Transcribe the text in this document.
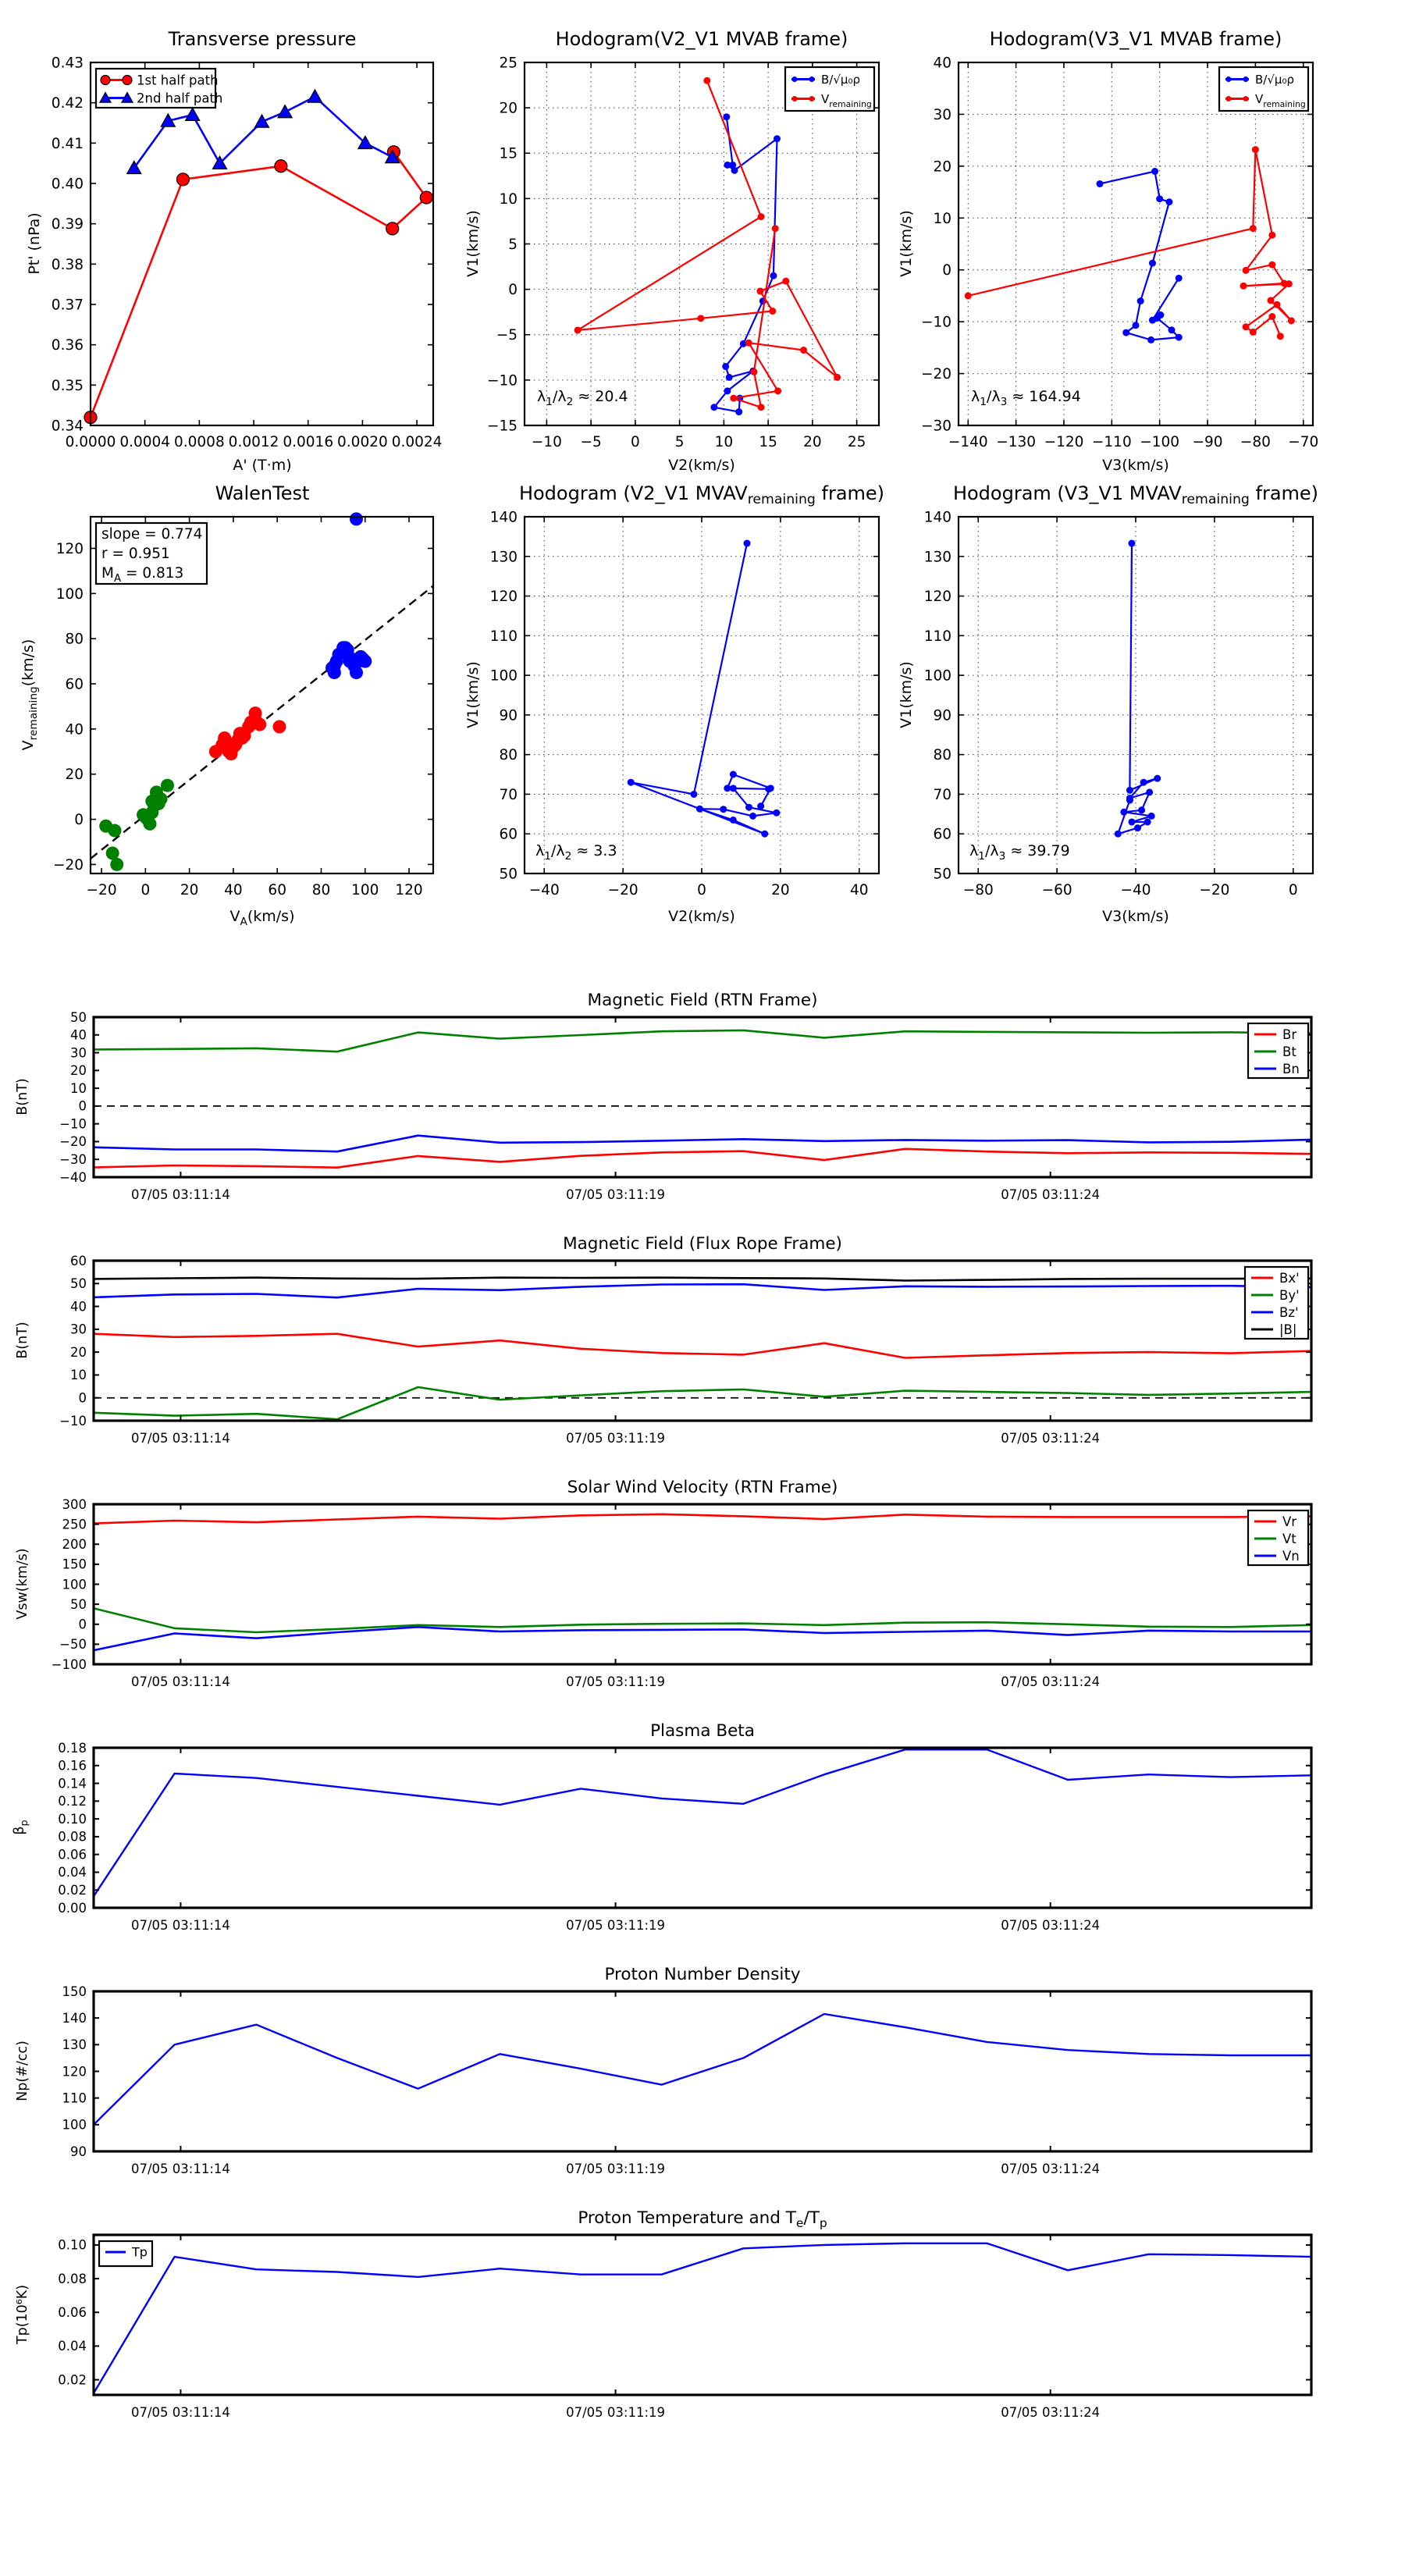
0.0000 0.0004 0.0008 0.0012 0.0016 0.0020 0.0024
0.34
0.35
0.36
0.37
0.38
0.39
0.40
0.41
0.42
0.43
Transverse pressure
A' (T·m)
Pt' (nPa)
1st half path
2nd half path
−10 −5 0 5 10 15 20 25
−15
−10
−5
0
5
10
15
20
25
Hodogram(V2_V1 MVAB frame)
V2(km/s)
V1(km/s)
B/√μ₀ρ
$V_{remaining}$
$\lambda_1/\lambda_2 \approx 20.4$
−140 −130 −120 −110 −100 −90 −80 −70
−30
−20
−10
0
10
20
30
40
Hodogram(V3_V1 MVAB frame)
V3(km/s)
V1(km/s)
B/√μ₀ρ
$V_{remaining}$
$\lambda_1/\lambda_3 \approx 164.94$
−20 0 20 40 60 80 100 120
−20
0
20
40
60
80
100
120
WalenTest
$V_A(km/s)$
$V_{remaining}(km/s)$
slope = 0.774
r = 0.951
$M_A = 0.813$
−40	−20	0	20	40
50
60
70
80
90
100
110
120
130
140
Hodogram (V2_V1 $MVAV_{remaining}$ frame)
V2(km/s)
V1(km/s)
$\lambda_1/\lambda_2 \approx 3.3$
−80	−60	−40	−20	0
50
60
70
80
90
100
110
120
130
140
Hodogram (V3_V1 $MVAV_{remaining}$ frame)
V3(km/s)
V1(km/s)
$\lambda_1/\lambda_3 \approx 39.79$
07/05 03:11:14	07/05 03:11:19	07/05 03:11:24
−40
−30
−20
−10
0
10
20
30
40
50
Magnetic Field (RTN Frame)
B(nT)
Br
Bt
Bn
07/05 03:11:14	07/05 03:11:19	07/05 03:11:24
−10
0
10
20
30
40
50
60
Magnetic Field (Flux Rope Frame)
B(nT)
Bx'
By'
Bz'
|B|
07/05 03:11:14	07/05 03:11:19	07/05 03:11:24
−100
−50
0
50
100
150
200
250
300
Solar Wind Velocity (RTN Frame)
Vsw(km/s)
Vr
Vt
Vn
07/05 03:11:14	07/05 03:11:19	07/05 03:11:24
0.00
0.02
0.04
0.06
0.08
0.10
0.12
0.14
0.16
0.18
Plasma Beta
$\beta_p$
07/05 03:11:14	07/05 03:11:19	07/05 03:11:24
90
100
110
120
130
140
150
Proton Number Density
Np(#/cc)
07/05 03:11:14	07/05 03:11:19	07/05 03:11:24
0.02
0.04
0.06
0.08
0.10
Proton Temperature and $T_e/T_p$
Tp(10⁶K)
Tp
